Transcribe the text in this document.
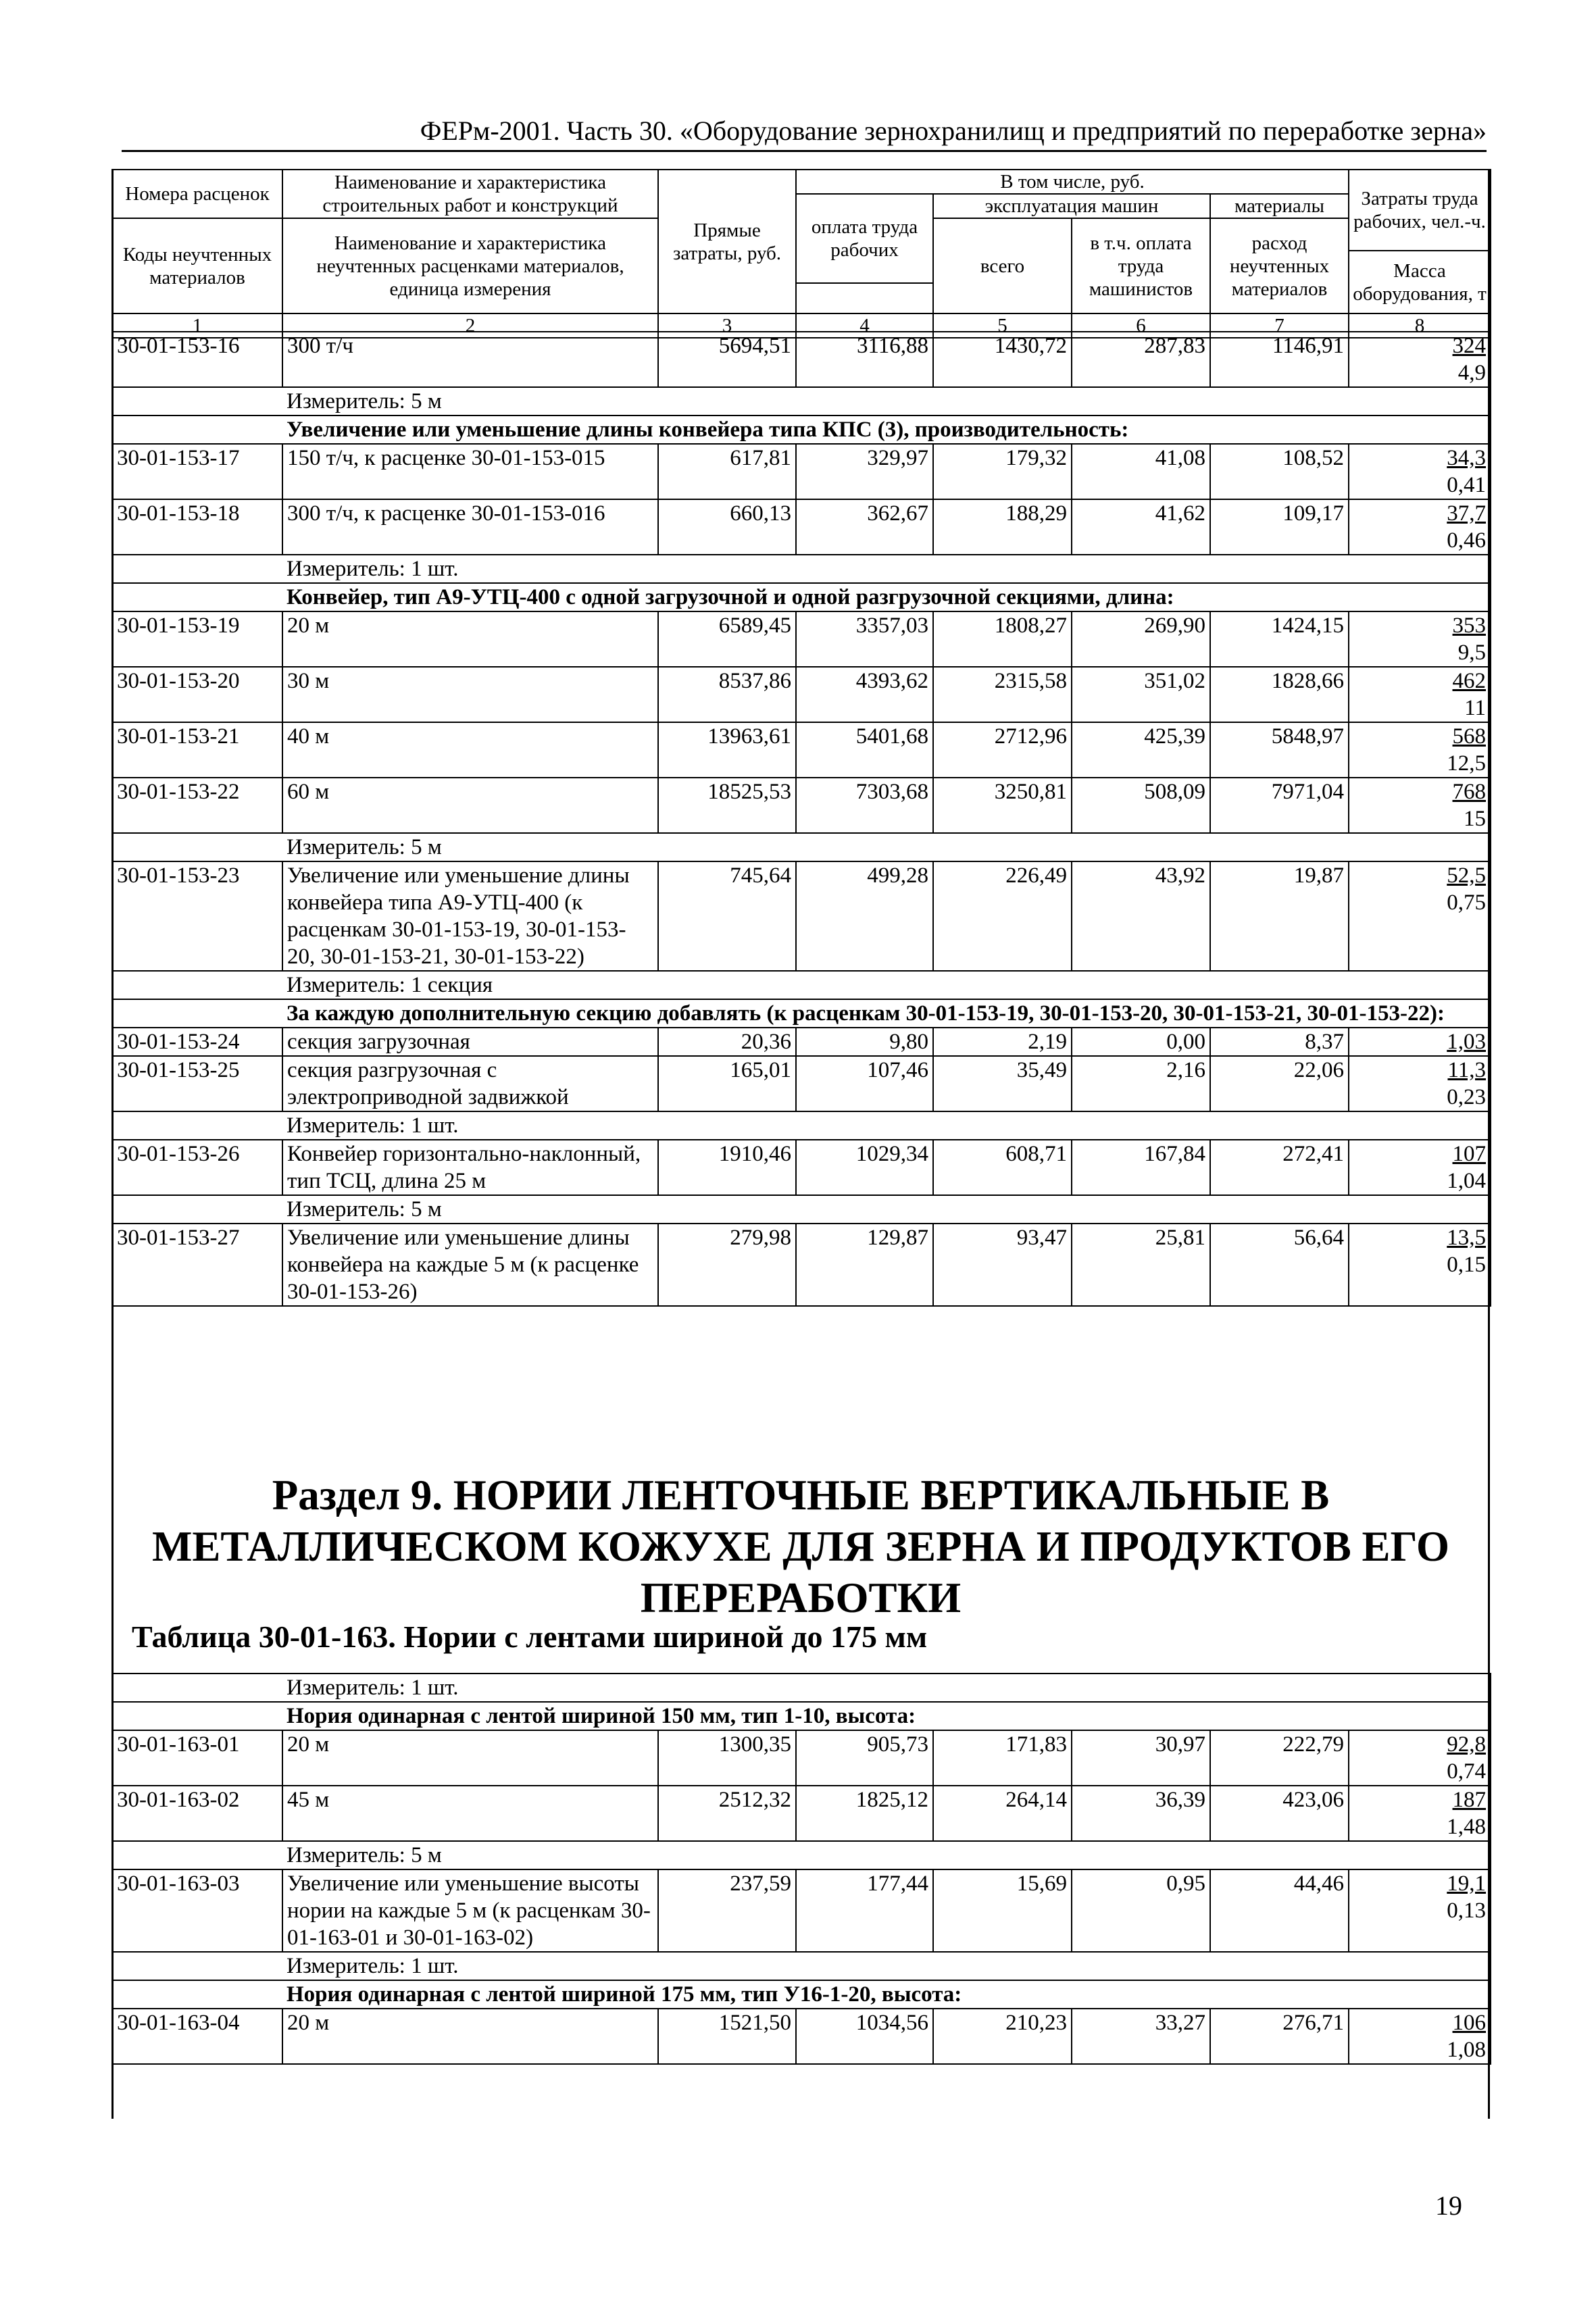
ФЕРм-2001. Часть 30. «Оборудование зернохранилищ и предприятий по переработке зерна»
Номера расценок	Наименование и характеристика строительных работ и конструкций	Прямые затраты, руб.	В том числе, руб.				Затраты труда рабочих, чел.-ч.
			оплата труда рабочих	эксплуатация машин		материалы	
Коды неучтенных материалов	Наименование и характеристика неучтенных расценками материалов, единица измерения			всего	в т.ч. оплата труда машинистов	расход неучтенных материалов	
							Масса оборудования, т

1	2	3	4	5	6	7	8
30-01-153-16	300 т/ч	5694,51	3116,88	1430,72	287,83	1146,91	324
4,9

	Измеритель: 5 м						
	Увеличение или уменьшение длины конвейера типа КПС (3), производительность:						
30-01-153-17	150 т/ч, к расценке 30-01-153-015	617,81	329,97	179,32	41,08	108,52	34,3
0,41

30-01-153-18	300 т/ч, к расценке 30-01-153-016	660,13	362,67	188,29	41,62	109,17	37,7
0,46

	Измеритель: 1 шт.						
	Конвейер, тип А9-УТЦ-400 с одной загрузочной и одной разгрузочной секциями, длина:						
30-01-153-19	20 м	6589,45	3357,03	1808,27	269,90	1424,15	353
9,5

30-01-153-20	30 м	8537,86	4393,62	2315,58	351,02	1828,66	462
11

30-01-153-21	40 м	13963,61	5401,68	2712,96	425,39	5848,97	568
12,5

30-01-153-22	60 м	18525,53	7303,68	3250,81	508,09	7971,04	768
15

	Измеритель: 5 м						
30-01-153-23	Увеличение или уменьшение длины конвейера типа А9-УТЦ-400 (к расценкам 30-01-153-19, 30-01-153-20, 30-01-153-21, 30-01-153-22)	745,64	499,28	226,49	43,92	19,87	52,5
0,75

	Измеритель: 1 секция						
	За каждую дополнительную секцию добавлять (к расценкам 30-01-153-19, 30-01-153-20, 30-01-153-21, 30-01-153-22):						
30-01-153-24	секция загрузочная	20,36	9,80	2,19	0,00	8,37	1,03

30-01-153-25	секция разгрузочная с электроприводной задвижкой	165,01	107,46	35,49	2,16	22,06	11,3
0,23

	Измеритель: 1 шт.						
30-01-153-26	Конвейер горизонтально-наклонный, тип ТСЦ, длина 25 м	1910,46	1029,34	608,71	167,84	272,41	107
1,04

	Измеритель: 5 м						
30-01-153-27	Увеличение или уменьшение длины конвейера на каждые 5 м (к расценке 30-01-153-26)	279,98	129,87	93,47	25,81	56,64	13,5
0,15
Раздел 9. НОРИИ ЛЕНТОЧНЫЕ ВЕРТИКАЛЬНЫЕ В МЕТАЛЛИЧЕСКОМ КОЖУХЕ ДЛЯ ЗЕРНА И ПРОДУКТОВ ЕГО ПЕРЕРАБОТКИ
Таблица 30-01-163. Нории с лентами шириной до 175 мм
	Измеритель: 1 шт.						
	Нория одинарная с лентой шириной 150 мм, тип 1-10, высота:						
30-01-163-01	20 м	1300,35	905,73	171,83	30,97	222,79	92,8
0,74

30-01-163-02	45 м	2512,32	1825,12	264,14	36,39	423,06	187
1,48

	Измеритель: 5 м						
30-01-163-03	Увеличение или уменьшение высоты нории на каждые 5 м (к расценкам 30-01-163-01 и 30-01-163-02)	237,59	177,44	15,69	0,95	44,46	19,1
0,13

	Измеритель: 1 шт.						
	Нория одинарная с лентой шириной 175 мм, тип У16-1-20, высота:						
30-01-163-04	20 м	1521,50	1034,56	210,23	33,27	276,71	106
1,08
19
